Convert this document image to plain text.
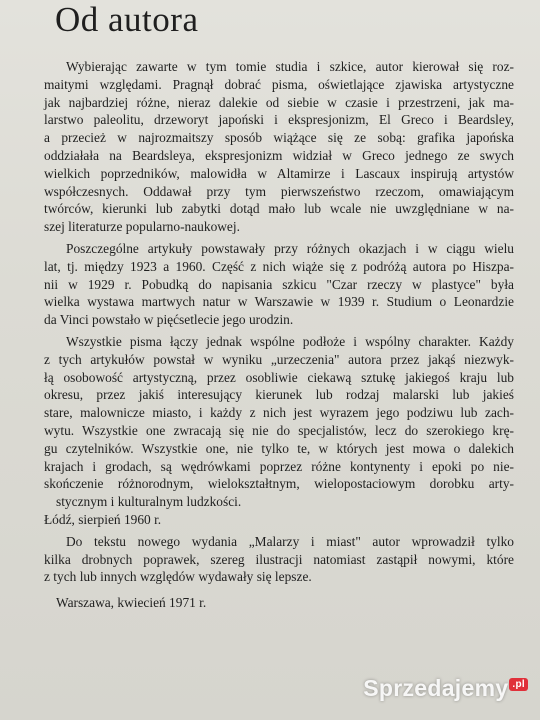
Od autora
Wybierając zawarte w tym tomie studia i szkice, autor kierował się roz-
maitymi względami. Pragnął dobrać pisma, oświetlające zjawiska artystyczne
jak najbardziej różne, nieraz dalekie od siebie w czasie i przestrzeni, jak ma-
larstwo paleolitu, drzeworyt japoński i ekspresjonizm, El Greco i Beardsley,
a przecież w najrozmaitszy sposób wiążące się ze sobą: grafika japońska
oddziałała na Beardsleya, ekspresjonizm widział w Greco jednego ze swych
wielkich poprzedników, malowidła w Altamirze i Lascaux inspirują artystów
współczesnych. Oddawał przy tym pierwszeństwo rzeczom, omawiającym
twórców, kierunki lub zabytki dotąd mało lub wcale nie uwzględniane w na-
szej literaturze popularno-naukowej.
Poszczególne artykuły powstawały przy różnych okazjach i w ciągu wielu
lat, tj. między 1923 a 1960. Część z nich wiąże się z podróżą autora po Hiszpa-
nii w 1929 r. Pobudką do napisania szkicu "Czar rzeczy w plastyce" była
wielka wystawa martwych natur w Warszawie w 1939 r. Studium o Leonardzie
da Vinci powstało w pięćsetlecie jego urodzin.
Wszystkie pisma łączy jednak wspólne podłoże i wspólny charakter. Każdy
z tych artykułów powstał w wyniku „urzeczenia" autora przez jakąś niezwyk-
łą osobowość artystyczną, przez osobliwie ciekawą sztukę jakiegoś kraju lub
okresu, przez jakiś interesujący kierunek lub rodzaj malarski lub jakieś
stare, malownicze miasto, i każdy z nich jest wyrazem jego podziwu lub zach-
wytu. Wszystkie one zwracają się nie do specjalistów, lecz do szerokiego krę-
gu czytelników. Wszystkie one, nie tylko te, w których jest mowa o dalekich
krajach i grodach, są wędrówkami poprzez różne kontynenty i epoki po nie-
skończenie różnorodnym, wielokształtnym, wielopostaciowym dorobku arty-
stycznym i kulturalnym ludzkości.
Łódź, sierpień 1960 r.
Do tekstu nowego wydania „Malarzy i miast" autor wprowadził tylko
kilka drobnych poprawek, szereg ilustracji natomiast zastąpił nowymi, które
z tych lub innych względów wydawały się lepsze.
Warszawa, kwiecień 1971 r.
Sprzedajemy .pl
